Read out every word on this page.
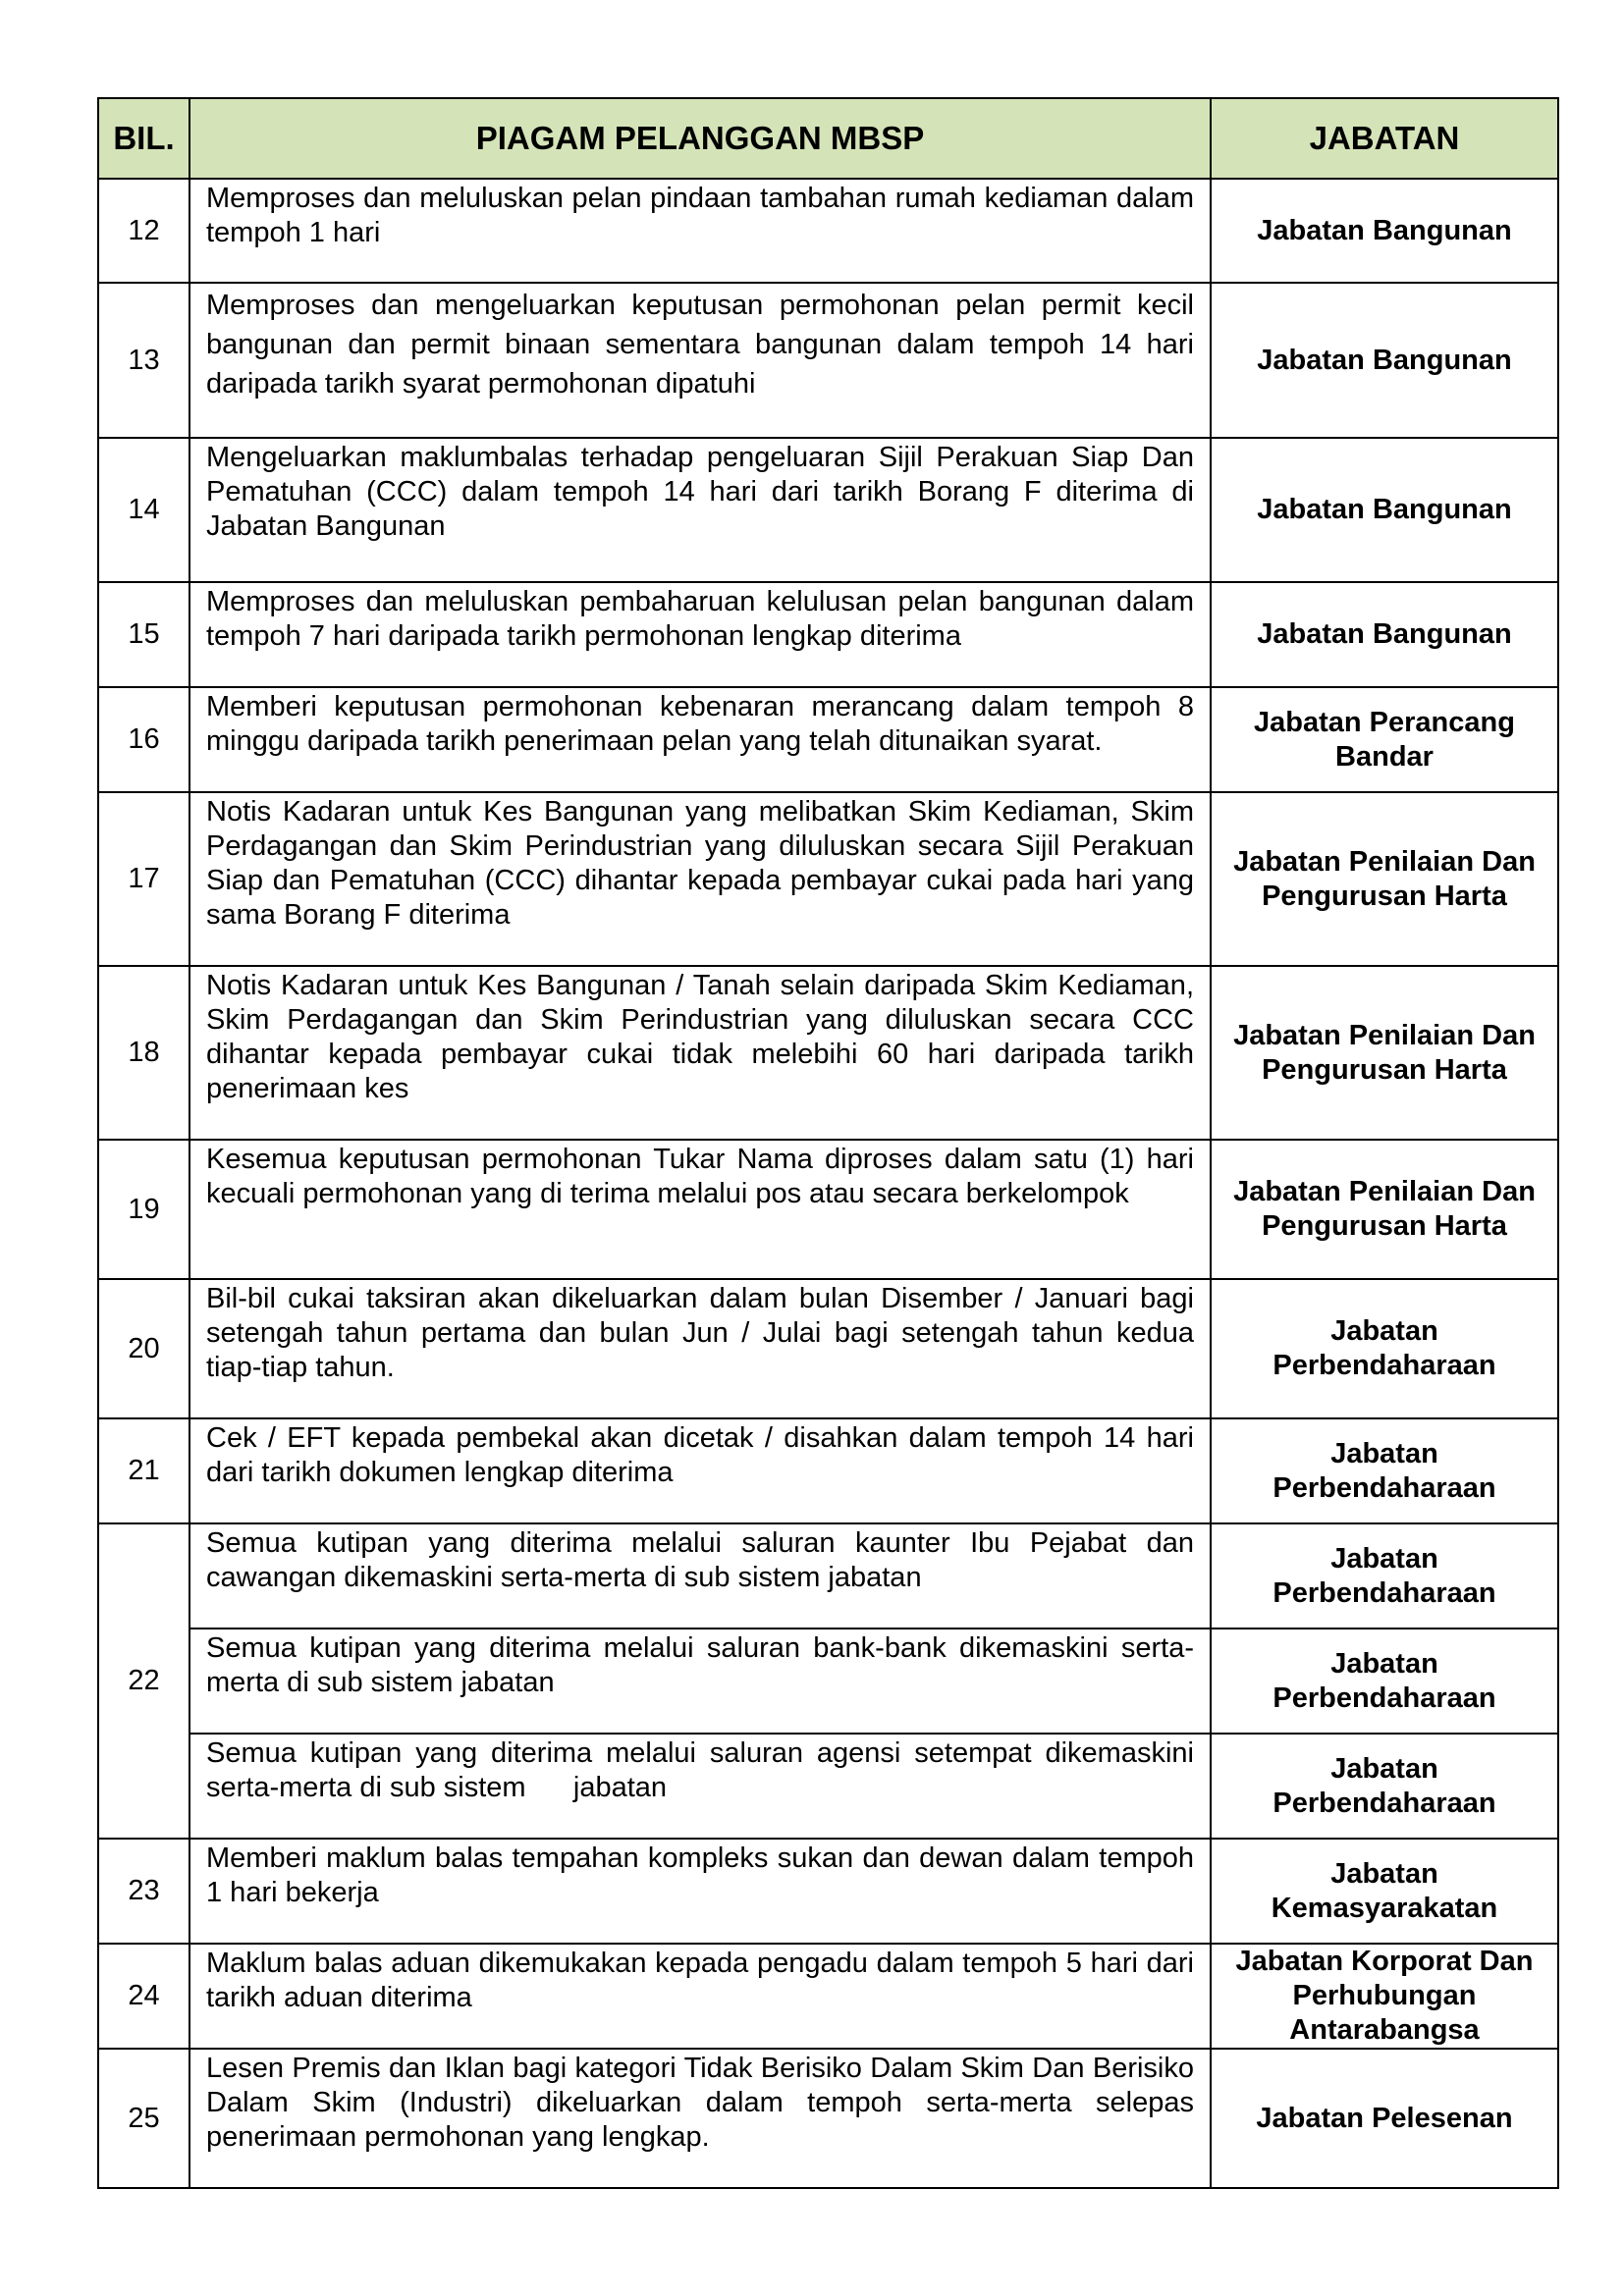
BIL.	PIAGAM PELANGGAN MBSP	JABATAN
12	Memproses dan meluluskan pelan pindaan tambahan rumah kediaman dalam tempoh 1 hari	Jabatan Bangunan
13	Memproses dan mengeluarkan keputusan permohonan pelan permit kecil bangunan dan permit binaan sementara bangunan dalam tempoh 14 hari daripada tarikh syarat permohonan dipatuhi	Jabatan Bangunan
14	Mengeluarkan maklumbalas terhadap pengeluaran Sijil Perakuan Siap Dan Pematuhan (CCC) dalam tempoh 14 hari dari tarikh Borang F diterima di Jabatan Bangunan	Jabatan Bangunan
15	Memproses dan meluluskan pembaharuan kelulusan pelan bangunan dalam tempoh 7 hari daripada tarikh permohonan lengkap diterima	Jabatan Bangunan
16	Memberi keputusan permohonan kebenaran merancang dalam tempoh 8 minggu daripada tarikh penerimaan pelan yang telah ditunaikan syarat.	Jabatan Perancang Bandar
17	Notis Kadaran untuk Kes Bangunan yang melibatkan Skim Kediaman, Skim Perdagangan dan Skim Perindustrian yang diluluskan secara Sijil Perakuan Siap dan Pematuhan (CCC) dihantar kepada pembayar cukai pada hari yang sama Borang F diterima	Jabatan Penilaian Dan Pengurusan Harta
18	Notis Kadaran untuk Kes Bangunan / Tanah selain daripada Skim Kediaman, Skim Perdagangan dan Skim Perindustrian yang diluluskan secara CCC dihantar kepada pembayar cukai tidak melebihi 60 hari daripada tarikh penerimaan kes	Jabatan Penilaian Dan Pengurusan Harta
19	Kesemua keputusan permohonan Tukar Nama diproses dalam satu (1) hari kecuali permohonan yang di terima melalui pos atau secara berkelompok	Jabatan Penilaian Dan Pengurusan Harta
20	Bil-bil cukai taksiran akan dikeluarkan dalam bulan Disember / Januari bagi setengah tahun pertama dan bulan Jun / Julai bagi setengah tahun kedua tiap-tiap tahun.	Jabatan Perbendaharaan
21	Cek / EFT kepada pembekal akan dicetak / disahkan dalam tempoh 14 hari dari tarikh dokumen lengkap diterima	Jabatan Perbendaharaan
22	Semua kutipan yang diterima melalui saluran kaunter Ibu Pejabat dan cawangan dikemaskini serta-merta di sub sistem jabatan	Jabatan Perbendaharaan

	Semua kutipan yang diterima melalui saluran bank-bank dikemaskini serta-merta di sub sistem jabatan	Jabatan Perbendaharaan

	Semua kutipan yang diterima melalui saluran agensi setempat dikemaskini serta-merta di sub sistem      jabatan	Jabatan Perbendaharaan
23	Memberi maklum balas tempahan kompleks sukan dan dewan dalam tempoh 1 hari bekerja	Jabatan Kemasyarakatan
24	Maklum balas aduan dikemukakan kepada pengadu dalam tempoh 5 hari dari tarikh aduan diterima	Jabatan Korporat Dan Perhubungan Antarabangsa
25	Lesen Premis dan Iklan bagi kategori Tidak Berisiko Dalam Skim Dan Berisiko Dalam Skim (Industri) dikeluarkan dalam tempoh serta-merta selepas penerimaan permohonan yang lengkap.	Jabatan Pelesenan
